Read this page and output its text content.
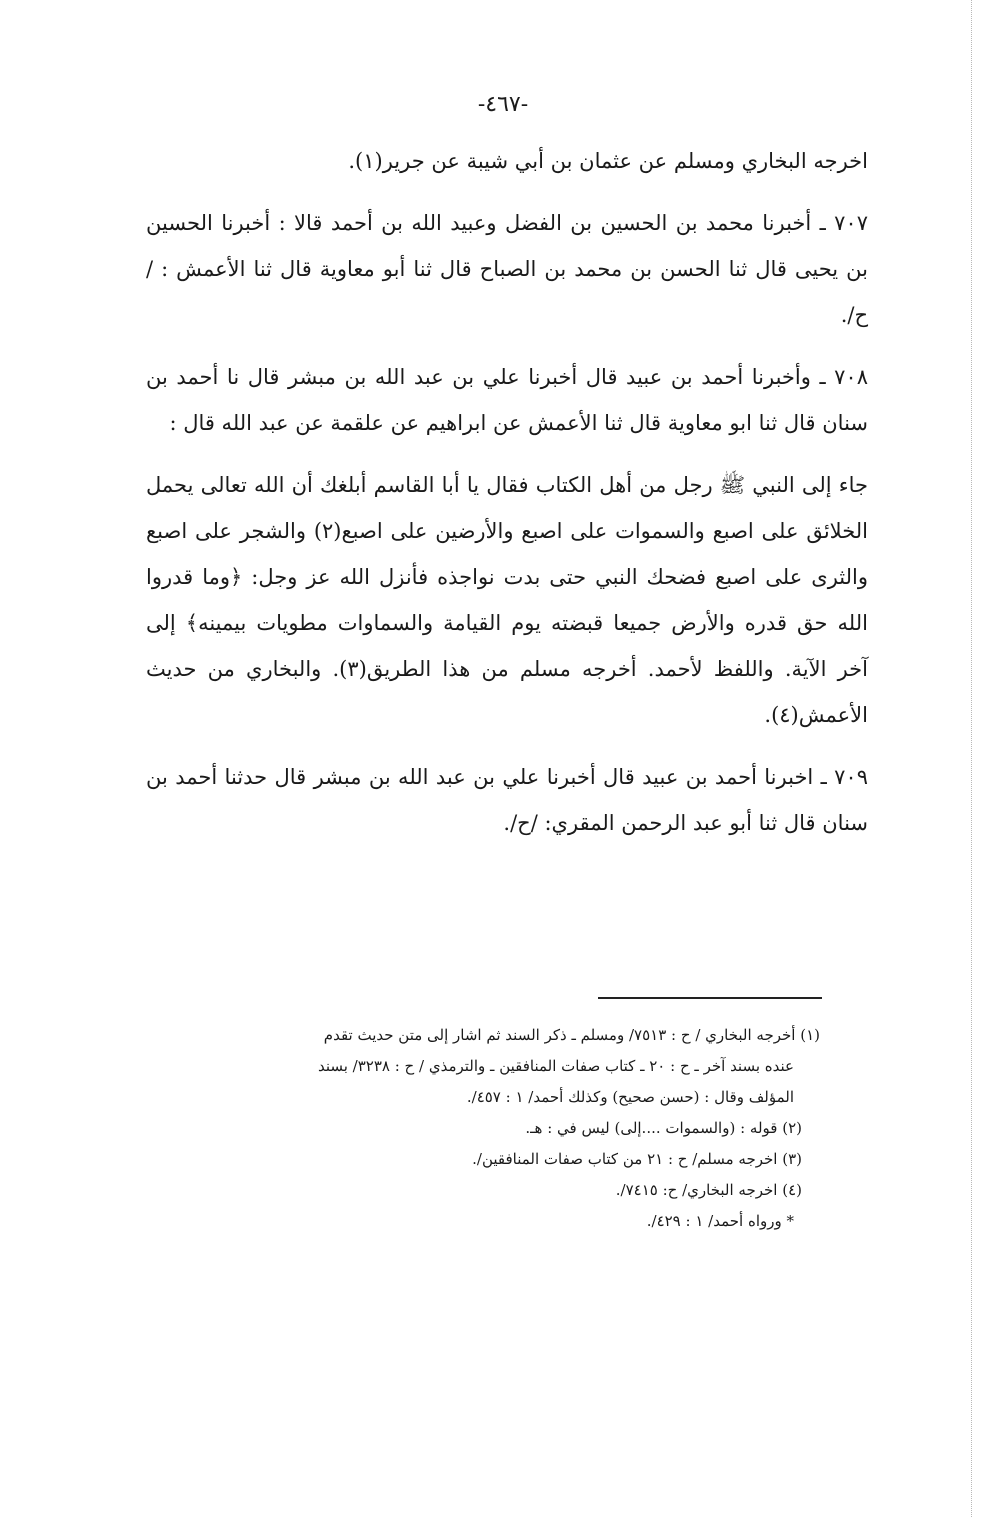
-٤٦٧-

اخرجه البخاري ومسلم عن عثمان بن أبي شيبة عن جرير(١).

٧٠٧ ـ أخبرنا محمد بن الحسين بن الفضل وعبيد الله بن أحمد قالا : أخبرنا الحسين بن يحيى قال ثنا الحسن بن محمد بن الصباح قال ثنا أبو معاوية قال ثنا الأعمش : /ح/.

٧٠٨ ـ وأخبرنا أحمد بن عبيد قال أخبرنا علي بن عبد الله بن مبشر قال نا أحمد بن سنان قال ثنا ابو معاوية قال ثنا الأعمش عن ابراهيم عن علقمة عن عبد الله قال :

جاء إلى النبي ﷺ رجل من أهل الكتاب فقال يا أبا القاسم أبلغك أن الله تعالى يحمل الخلائق على اصبع والسموات على اصبع والأرضين على اصبع(٢) والشجر على اصبع والثرى على اصبع فضحك النبي حتى بدت نواجذه فأنزل الله عز وجل: ﴿وما قدروا الله حق قدره والأرض جميعا قبضته يوم القيامة والسماوات مطويات بيمينه﴾ إلى آخر الآية. واللفظ لأحمد. أخرجه مسلم من هذا الطريق(٣). والبخاري من حديث الأعمش(٤).

٧٠٩ ـ اخبرنا أحمد بن عبيد قال أخبرنا علي بن عبد الله بن مبشر قال حدثنا أحمد بن سنان قال ثنا أبو عبد الرحمن المقري: /ح/.

(١) أخرجه البخاري / ح : ٧٥١٣/ ومسلم ـ ذكر السند ثم اشار إلى متن حديث تقدم

عنده بسند آخر ـ ح : ٢٠ ـ كتاب صفات المنافقين ـ والترمذي / ح : ٣٢٣٨/ بسند

المؤلف وقال : (حسن صحيح) وكذلك أحمد/ ١ : ٤٥٧/.

(٢) قوله : (والسموات ....إلى) ليس في : هـ.

(٣) اخرجه مسلم/ ح : ٢١ من كتاب صفات المنافقين/.

(٤) اخرجه البخاري/ ح: ٧٤١٥/.

* ورواه أحمد/ ١ : ٤٢٩/.
